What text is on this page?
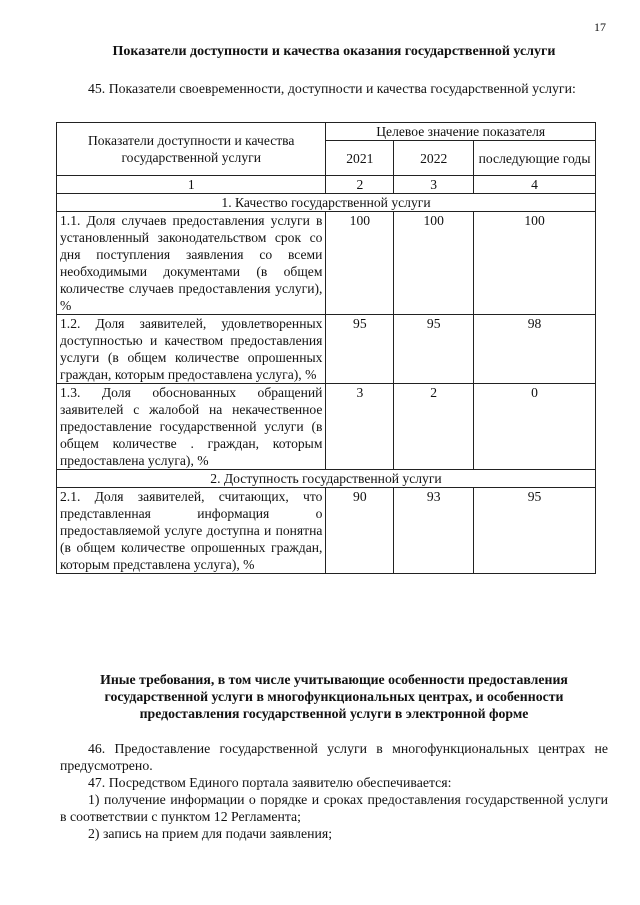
17
Показатели доступности и качества оказания государственной услуги
45. Показатели своевременности, доступности и качества государственной услуги:
Показатели доступности и качества государственной услуги	Целевое значение показателя		
	2021	2022	последующие годы
1	2	3	4
1. Качество государственной услуги			
1.1. Доля случаев предоставления услуги в установленный законодательством срок со дня поступления заявления со всеми необходимыми документами (в общем количестве случаев предоставления услуги), %	100	100	100
1.2. Доля заявителей, удовлетворенных доступностью и качеством предоставления услуги (в общем количестве опрошенных граждан, которым предоставлена услуга), %	95	95	98
1.3. Доля обоснованных обращений заявителей с жалобой на некачественное предоставление государственной услуги (в общем количестве . граждан, которым предоставлена услуга), %	3	2	0
2. Доступность государственной услуги			
2.1. Доля заявителей, считающих, что представленная информация о предоставляемой услуге доступна и понятна (в общем количестве опрошенных граждан, которым представлена услуга), %	90	93	95
Иные требования, в том числе учитывающие особенности предоставления государственной услуги в многофункциональных центрах, и особенности предоставления государственной услуги в электронной форме
46. Предоставление государственной услуги в многофункциональных центрах не предусмотрено.
47. Посредством Единого портала заявителю обеспечивается:
1) получение информации о порядке и сроках предоставления государственной услуги в соответствии с пунктом 12 Регламента;
2) запись на прием для подачи заявления;
